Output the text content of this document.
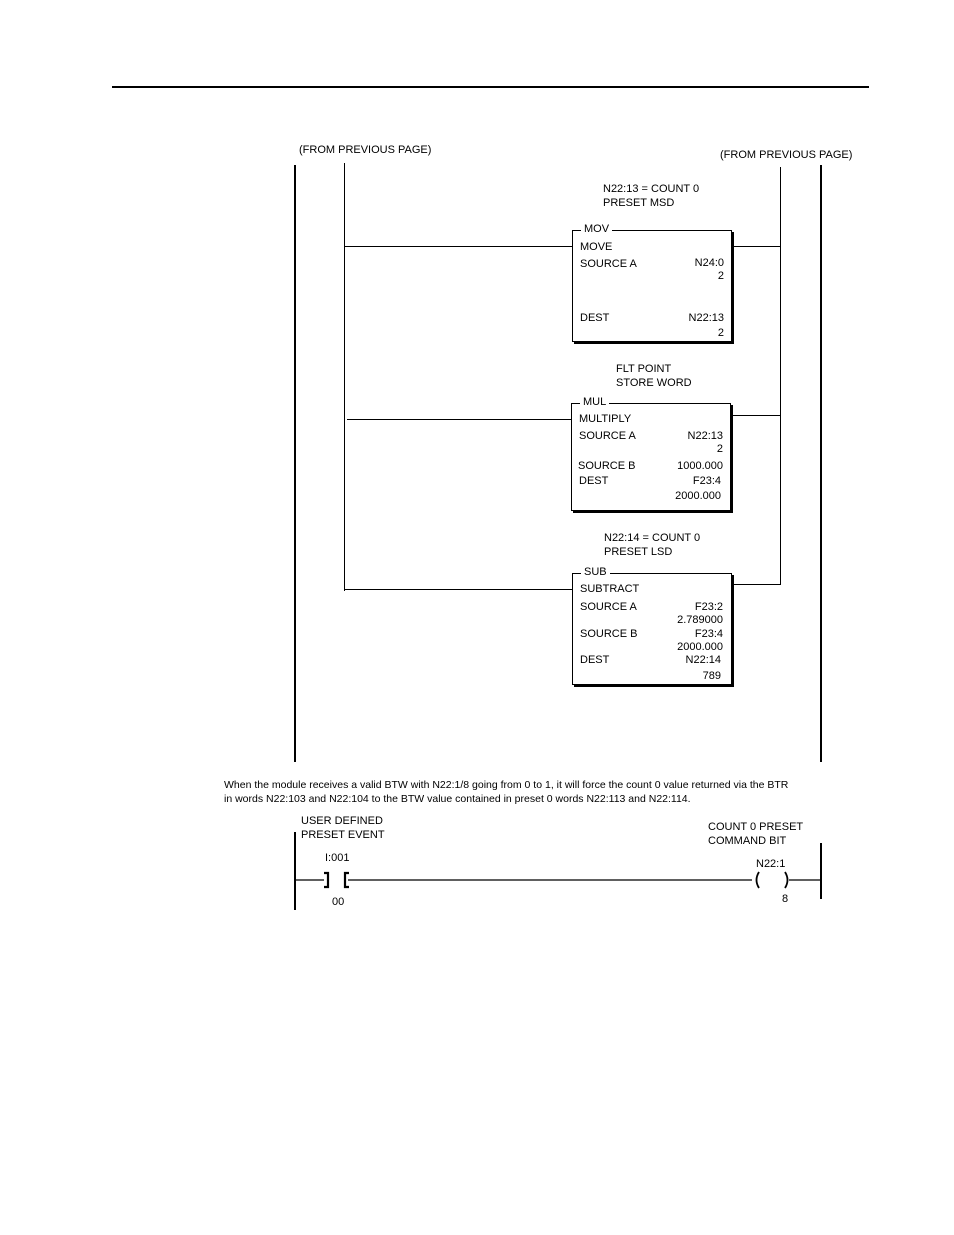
(FROM PREVIOUS PAGE)	(FROM PREVIOUS PAGE)
N22:13 = COUNT 0
PRESET MSD
MOV
MOVE
SOURCE A	N24:0
2
DEST	N22:13
2
FLT POINT
STORE WORD
MUL
MULTIPLY
SOURCE A	N22:13
2
SOURCE B	1000.000
DEST	F23:4
2000.000
N22:14 = COUNT 0
PRESET LSD
SUB
SUBTRACT
SOURCE A	F23:2
2.789000
SOURCE B	F23:4
2000.000
DEST	N22:14
789
When the module receives a valid BTW with N22:1/8 going from 0 to 1, it will force the count 0 value returned via the BTR
in words N22:103 and N22:104 to the BTW value contained in preset 0 words N22:113 and N22:114.
USER DEFINED
PRESET EVENT
COUNT 0 PRESET
COMMAND BIT
I:001
00
N22:1
8
